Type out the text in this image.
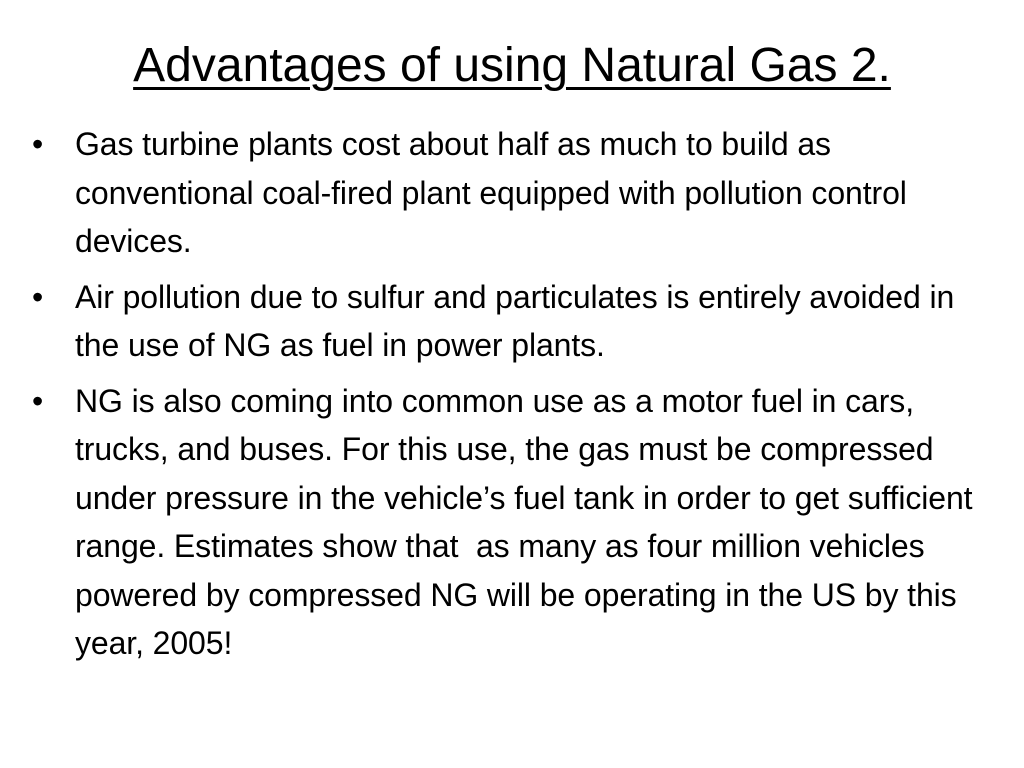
Advantages of using Natural Gas 2.
• Gas turbine plants cost about half as much to build as conventional coal-fired plant equipped with pollution control devices.
• Air pollution due to sulfur and particulates is entirely avoided in the use of NG as fuel in power plants.
• NG is also coming into common use as a motor fuel in cars, trucks, and buses. For this use, the gas must be compressed under pressure in the vehicle’s fuel tank in order to get sufficient range. Estimates show that  as many as four million vehicles powered by compressed NG will be operating in the US by this year, 2005!
